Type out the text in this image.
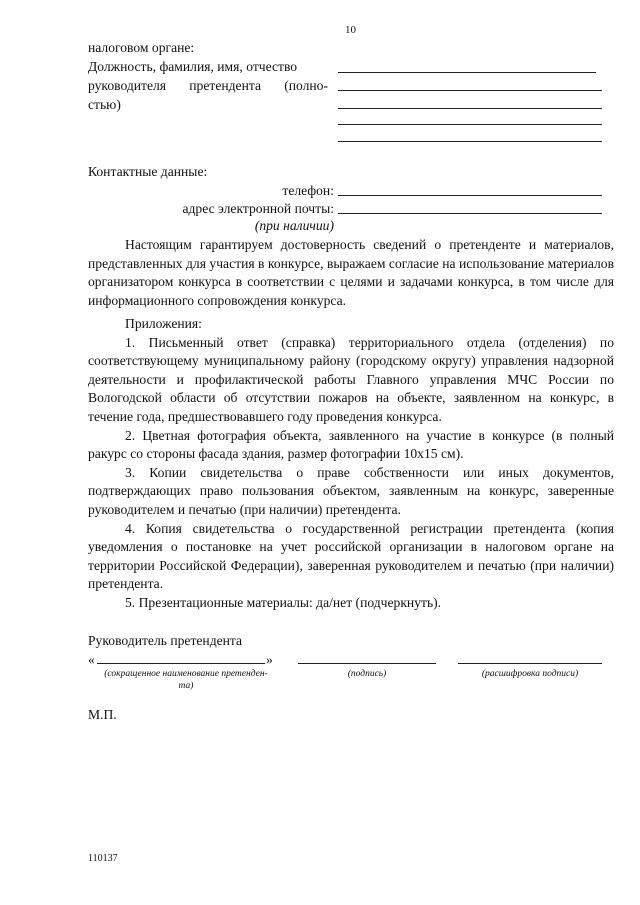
10
налоговом органе:
Должность, фамилия, имя, отчество
руководителя претендента (полно-
стью)
Контактные данные:
телефон:
адрес электронной почты:
(при наличии)

Настоящим гарантируем достоверность сведений о претенденте и материалов, представленных для участия в конкурсе, выражаем согласие на использование материалов организатором конкурса в соответствии с целями и задачами конкурса, в том числе для информационного сопровождения конкурса.

Приложения:

1. Письменный ответ (справка) территориального отдела (отделения) по соответствующему муниципальному району (городскому округу) управления надзорной деятельности и профилактической работы Главного управления МЧС России по Вологодской области об отсутствии пожаров на объекте, заявленном на конкурс, в течение года, предшествовавшего году проведения конкурса.

2. Цветная фотография объекта, заявленного на участие в конкурсе (в полный ракурс со стороны фасада здания, размер фотографии 10х15 см).

3. Копии свидетельства о праве собственности или иных документов, подтверждающих право пользования объектом, заявленным на конкурс, заверенные руководителем и печатью (при наличии) претендента.

4. Копия свидетельства о государственной регистрации претендента (копия уведомления о постановке на учет российской организации в налоговом органе на территории Российской Федерации), заверенная руководителем и печатью (при наличии) претендента.

5. Презентационные материалы: да/нет (подчеркнуть).

Руководитель претендента
«	»
(сокращенное наименование претенден-
та)
(подпись)	(расшифровка подписи)
М.П.
110137
